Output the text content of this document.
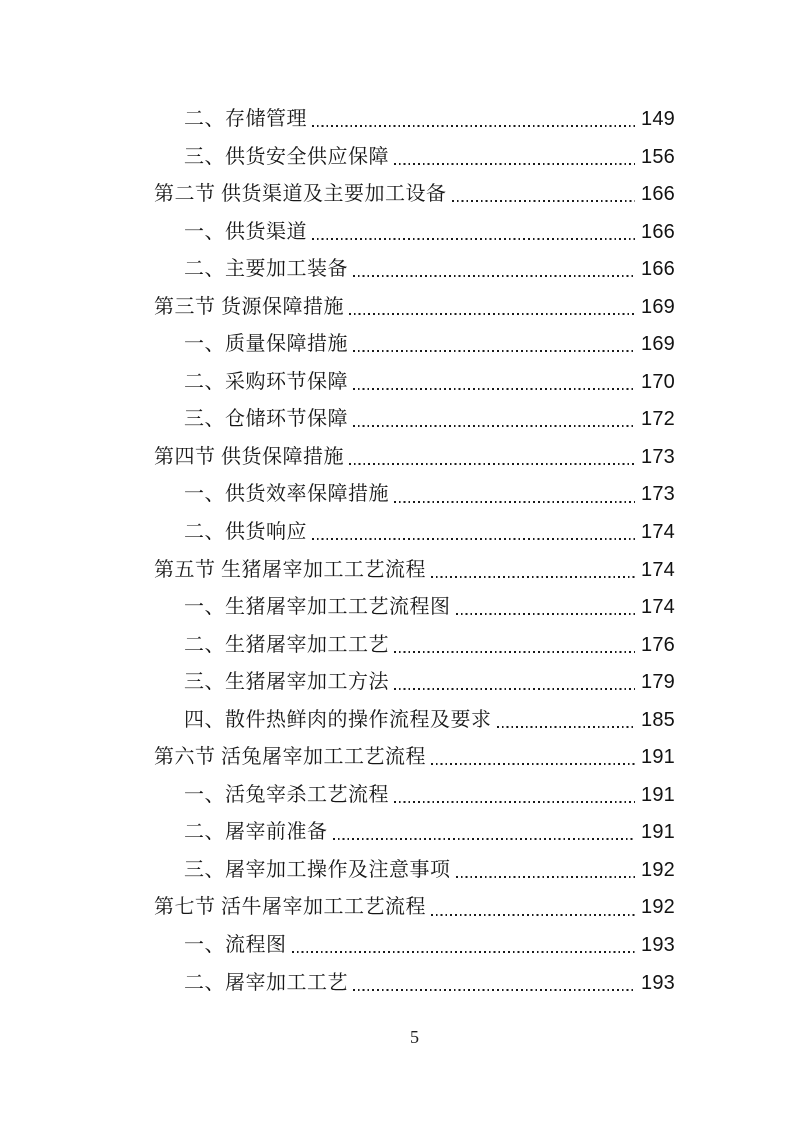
二、存储管理	149
三、供货安全供应保障	156
第二节 供货渠道及主要加工设备	166
一、供货渠道	166
二、主要加工装备	166
第三节 货源保障措施	169
一、质量保障措施	169
二、采购环节保障	170
三、仓储环节保障	172
第四节 供货保障措施	173
一、供货效率保障措施	173
二、供货响应	174
第五节 生猪屠宰加工工艺流程	174
一、生猪屠宰加工工艺流程图	174
二、生猪屠宰加工工艺	176
三、生猪屠宰加工方法	179
四、散件热鲜肉的操作流程及要求	185
第六节 活兔屠宰加工工艺流程	191
一、活兔宰杀工艺流程	191
二、屠宰前准备	191
三、屠宰加工操作及注意事项	192
第七节 活牛屠宰加工工艺流程	192
一、流程图	193
二、屠宰加工工艺	193
5
